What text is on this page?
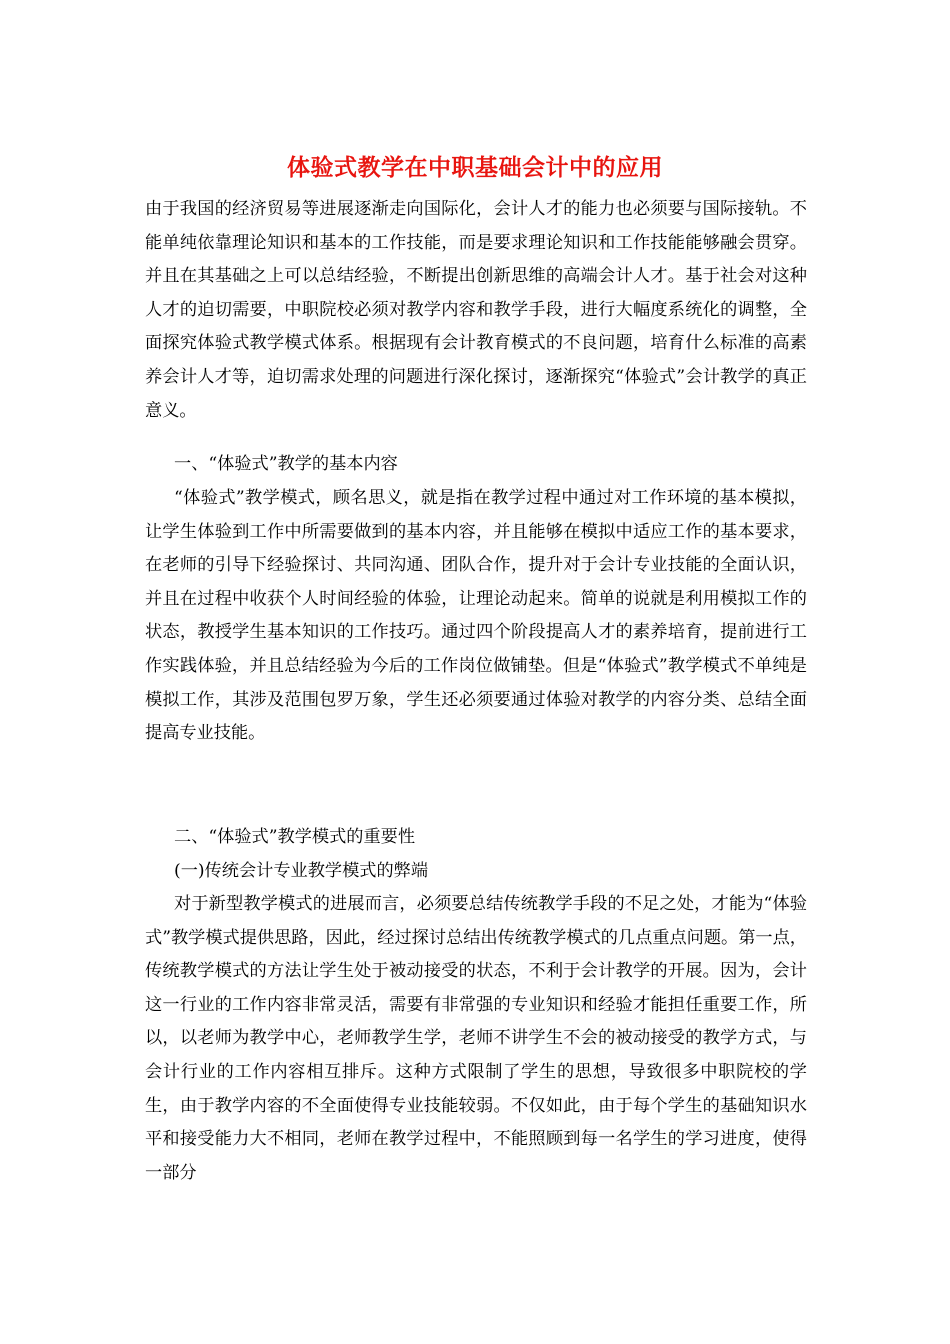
体验式教学在中职基础会计中的应用

由于我国的经济贸易等进展逐渐走向国际化，会计人才的能力也必须要与国际接轨。不能单纯依靠理论知识和基本的工作技能，而是要求理论知识和工作技能能够融会贯穿。并且在其基础之上可以总结经验，不断提出创新思维的高端会计人才。基于社会对这种人才的迫切需要，中职院校必须对教学内容和教学手段，进行大幅度系统化的调整，全面探究体验式教学模式体系。根据现有会计教育模式的不良问题，培育什么标准的高素养会计人才等，迫切需求处理的问题进行深化探讨，逐渐探究“体验式”会计教学的真正意义。

一、“体验式”教学的基本内容

“体验式”教学模式，顾名思义，就是指在教学过程中通过对工作环境的基本模拟，让学生体验到工作中所需要做到的基本内容，并且能够在模拟中适应工作的基本要求，在老师的引导下经验探讨、共同沟通、团队合作，提升对于会计专业技能的全面认识，并且在过程中收获个人时间经验的体验，让理论动起来。简单的说就是利用模拟工作的状态，教授学生基本知识的工作技巧。通过四个阶段提高人才的素养培育，提前进行工作实践体验，并且总结经验为今后的工作岗位做铺垫。但是“体验式”教学模式不单纯是模拟工作，其涉及范围包罗万象，学生还必须要通过体验对教学的内容分类、总结全面提高专业技能。

二、“体验式”教学模式的重要性

(一)传统会计专业教学模式的弊端

对于新型教学模式的进展而言，必须要总结传统教学手段的不足之处，才能为“体验式”教学模式提供思路，因此，经过探讨总结出传统教学模式的几点重点问题。第一点，传统教学模式的方法让学生处于被动接受的状态，不利于会计教学的开展。因为，会计这一行业的工作内容非常灵活，需要有非常强的专业知识和经验才能担任重要工作，所以，以老师为教学中心，老师教学生学，老师不讲学生不会的被动接受的教学方式，与会计行业的工作内容相互排斥。这种方式限制了学生的思想，导致很多中职院校的学生，由于教学内容的不全面使得专业技能较弱。不仅如此，由于每个学生的基础知识水平和接受能力大不相同，老师在教学过程中，不能照顾到每一名学生的学习进度，使得一部分
